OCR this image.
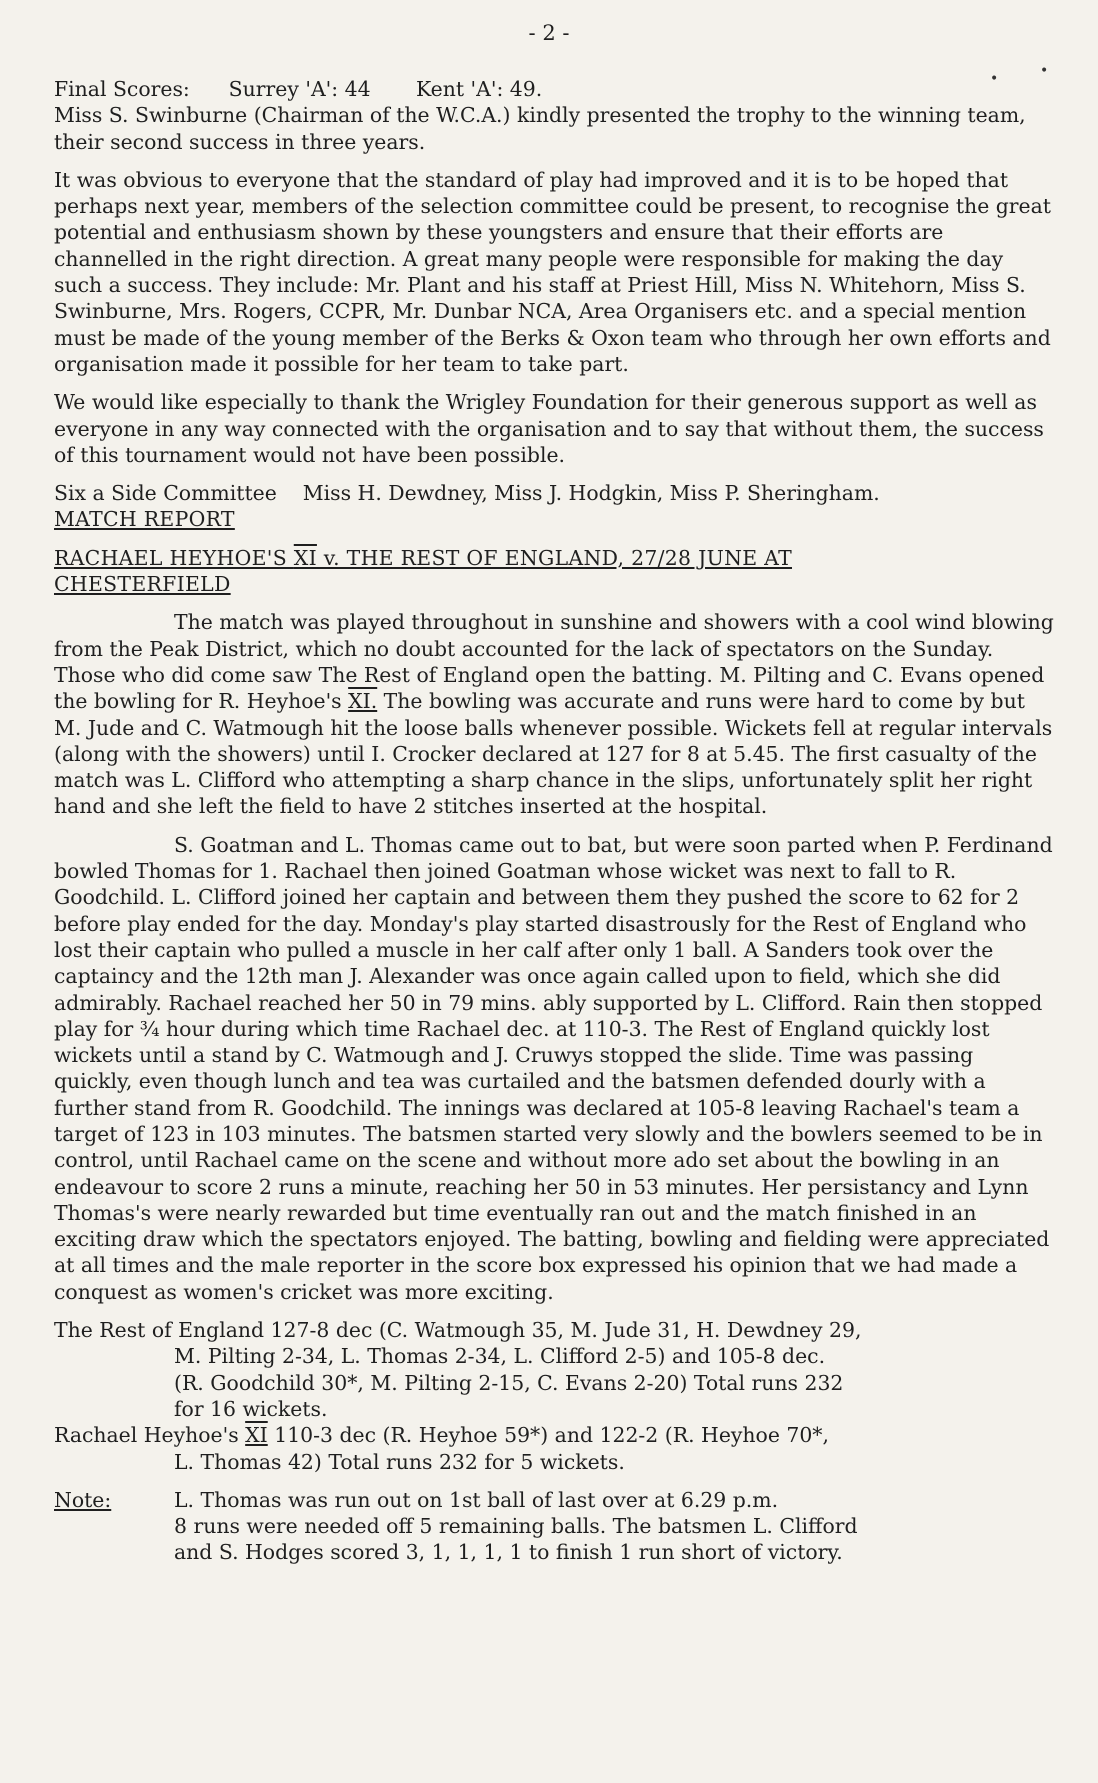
- 2 -
•	•
Final Scores: Surrey 'A': 44 Kent 'A': 49.

Miss S. Swinburne (Chairman of the W.C.A.) kindly presented the trophy to the winning team, their second success in three years.

It was obvious to everyone that the standard of play had improved and it is to be hoped that perhaps next year, members of the selection committee could be present, to recognise the great potential and enthusiasm shown by these youngsters and ensure that their efforts are channelled in the right direction. A great many people were responsible for making the day such a success. They include: Mr. Plant and his staff at Priest Hill, Miss N. Whitehorn, Miss S. Swinburne, Mrs. Rogers, CCPR, Mr. Dunbar NCA, Area Organisers etc. and a special mention must be made of the young member of the Berks & Oxon team who through her own efforts and organisation made it possible for her team to take part.

We would like especially to thank the Wrigley Foundation for their generous support as well as everyone in any way connected with the organisation and to say that without them, the success of this tournament would not have been possible.

Six a Side Committee Miss H. Dewdney, Miss J. Hodgkin, Miss P. Sheringham.

MATCH REPORT

RACHAEL HEYHOE'S XI v. THE REST OF ENGLAND, 27/28 JUNE AT CHESTERFIELD

The match was played throughout in sunshine and showers with a cool wind blowing from the Peak District, which no doubt accounted for the lack of spectators on the Sunday. Those who did come saw The Rest of England open the batting. M. Pilting and C. Evans opened the bowling for R. Heyhoe's XI. The bowling was accurate and runs were hard to come by but M. Jude and C. Watmough hit the loose balls whenever possible. Wickets fell at regular intervals (along with the showers) until I. Crocker declared at 127 for 8 at 5.45. The first casualty of the match was L. Clifford who attempting a sharp chance in the slips, unfortunately split her right hand and she left the field to have 2 stitches inserted at the hospital.

S. Goatman and L. Thomas came out to bat, but were soon parted when P. Ferdinand bowled Thomas for 1. Rachael then joined Goatman whose wicket was next to fall to R. Goodchild. L. Clifford joined her captain and between them they pushed the score to 62 for 2 before play ended for the day. Monday's play started disastrously for the Rest of England who lost their captain who pulled a muscle in her calf after only 1 ball. A Sanders took over the captaincy and the 12th man J. Alexander was once again called upon to field, which she did admirably. Rachael reached her 50 in 79 mins. ably supported by L. Clifford. Rain then stopped play for ¾ hour during which time Rachael dec. at 110-3. The Rest of England quickly lost wickets until a stand by C. Watmough and J. Cruwys stopped the slide. Time was passing quickly, even though lunch and tea was curtailed and the batsmen defended dourly with a further stand from R. Goodchild. The innings was declared at 105-8 leaving Rachael's team a target of 123 in 103 minutes. The batsmen started very slowly and the bowlers seemed to be in control, until Rachael came on the scene and without more ado set about the bowling in an endeavour to score 2 runs a minute, reaching her 50 in 53 minutes. Her persistancy and Lynn Thomas's were nearly rewarded but time eventually ran out and the match finished in an exciting draw which the spectators enjoyed. The batting, bowling and fielding were appreciated at all times and the male reporter in the score box expressed his opinion that we had made a conquest as women's cricket was more exciting.

The Rest of England 127-8 dec (C. Watmough 35, M. Jude 31, H. Dewdney 29,
M. Pilting 2-34, L. Thomas 2-34, L. Clifford 2-5) and 105-8 dec.
(R. Goodchild 30*, M. Pilting 2-15, C. Evans 2-20) Total runs 232
for 16 wickets.
Rachael Heyhoe's XI 110-3 dec (R. Heyhoe 59*) and 122-2 (R. Heyhoe 70*,
L. Thomas 42) Total runs 232 for 5 wickets.
Note:	L. Thomas was run out on 1st ball of last over at 6.29 p.m.
8 runs were needed off 5 remaining balls. The batsmen L. Clifford
and S. Hodges scored 3, 1, 1, 1, 1 to finish 1 run short of victory.
